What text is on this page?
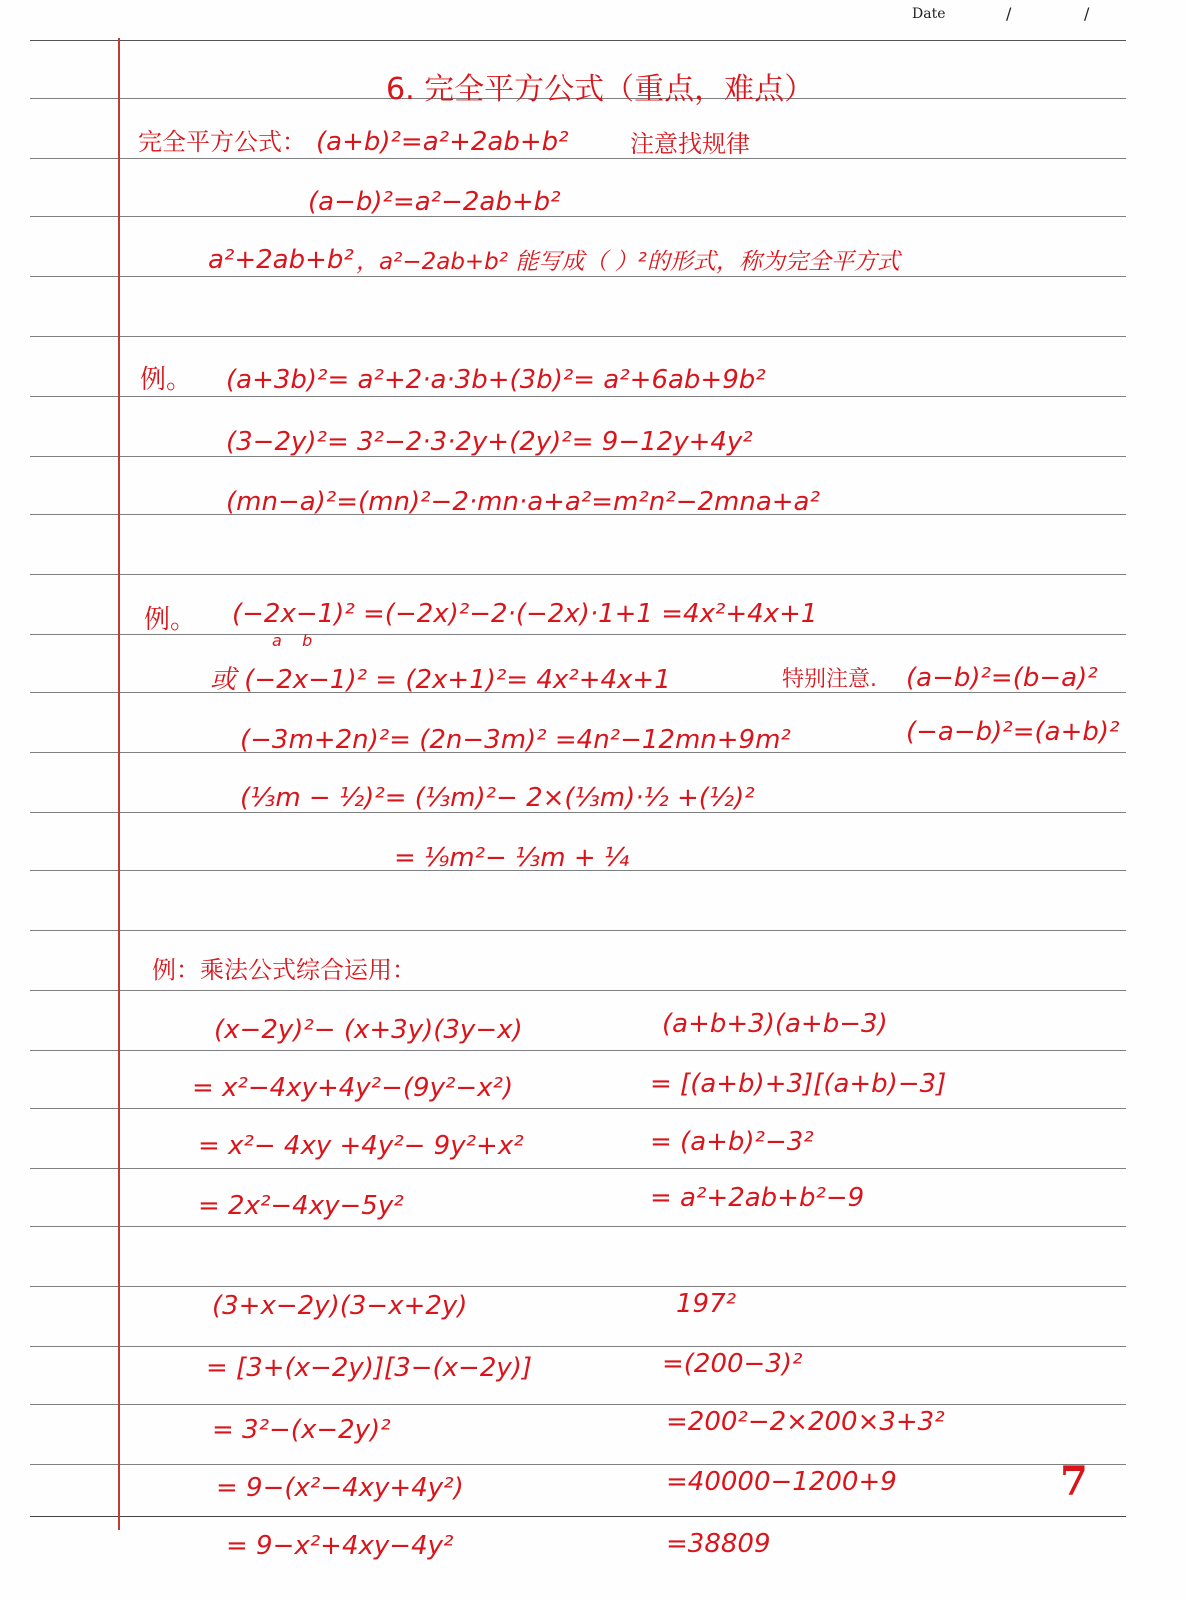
Date	/	/
6. 完全平方公式（重点，难点）
完全平方公式： (a+b)²=a²+2ab+b²	注意找规律
(a−b)²=a²−2ab+b²
a²+2ab+b² ，a²−2ab+b² 能写成（ ）²的形式，称为完全平方式
例。 (a+3b)²= a²+2·a·3b+(3b)²= a²+6ab+9b²
(3−2y)²= 3²−2·3·2y+(2y)²= 9−12y+4y²
(mn−a)²=(mn)²−2·mn·a+a²=m²n²−2mna+a²
例。 (−2x−1)² =(−2x)²−2·(−2x)·1+1 =4x²+4x+1
a    b
或 (−2x−1)² = (2x+1)²= 4x²+4x+1	特别注意. (a−b)²=(b−a)²
(−3m+2n)²= (2n−3m)² =4n²−12mn+9m²	(−a−b)²=(a+b)²
(⅓m − ½)²= (⅓m)²− 2×(⅓m)·½ +(½)²
= ⅑m²− ⅓m + ¼
例：乘法公式综合运用：
(x−2y)²− (x+3y)(3y−x)
= x²−4xy+4y²−(9y²−x²)
= x²− 4xy +4y²− 9y²+x²
= 2x²−4xy−5y²
(a+b+3)(a+b−3)
= [(a+b)+3][(a+b)−3]
= (a+b)²−3²
= a²+2ab+b²−9
(3+x−2y)(3−x+2y)
= [3+(x−2y)][3−(x−2y)]
= 3²−(x−2y)²
= 9−(x²−4xy+4y²)
= 9−x²+4xy−4y²
197²
=(200−3)²
=200²−2×200×3+3²
=40000−1200+9
=38809
7
